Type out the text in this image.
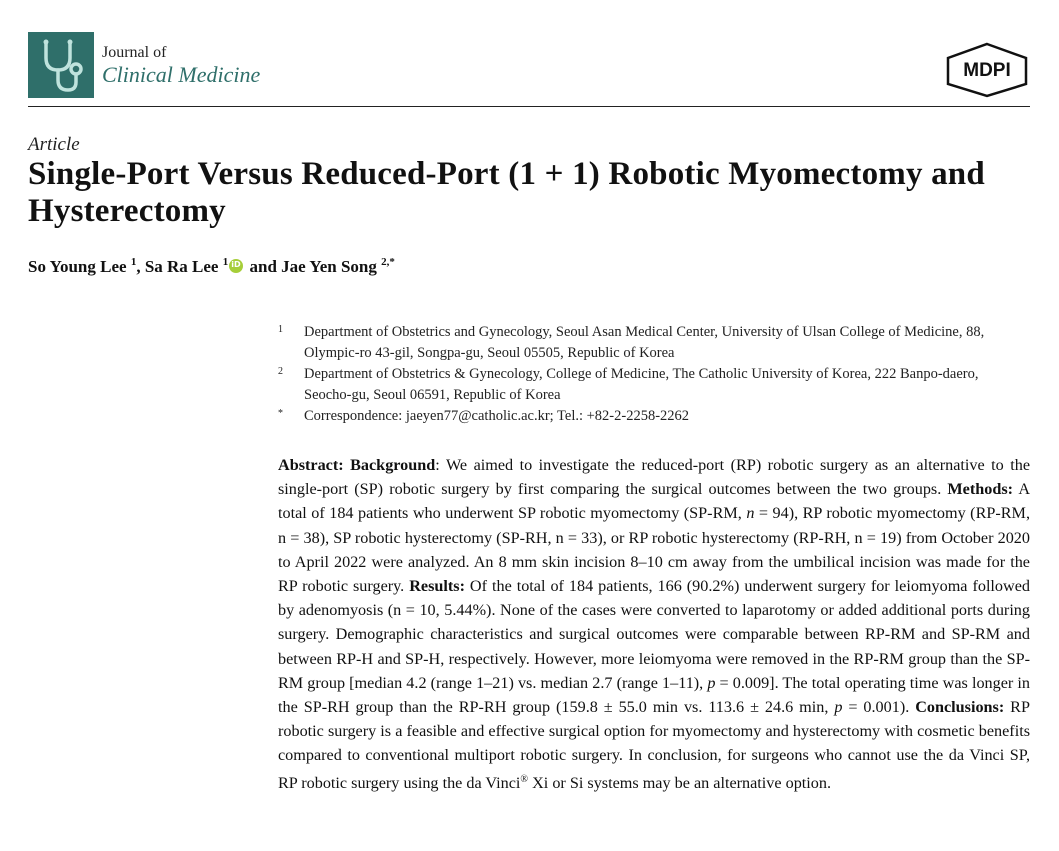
Journal of
Clinical Medicine	MDPI
Article
Single-Port Versus Reduced-Port (1 + 1) Robotic Myomectomy and Hysterectomy
So Young Lee $^1$, Sa Ra Lee $^1$iD and Jae Yen Song $^{2,*}$
1 Department of Obstetrics and Gynecology, Seoul Asan Medical Center, University of Ulsan College of Medicine, 88, Olympic-ro 43-gil, Songpa-gu, Seoul 05505, Republic of Korea
2 Department of Obstetrics & Gynecology, College of Medicine, The Catholic University of Korea, 222 Banpo-daero, Seocho-gu, Seoul 06591, Republic of Korea
* Correspondence: jaeyen77@catholic.ac.kr; Tel.: +82-2-2258-2262
Abstract: Background: We aimed to investigate the reduced-port (RP) robotic surgery as an alternative to the single-port (SP) robotic surgery by first comparing the surgical outcomes between the two groups. Methods: A total of 184 patients who underwent SP robotic myomectomy (SP-RM, n = 94), RP robotic myomectomy (RP-RM, n = 38), SP robotic hysterectomy (SP-RH, n = 33), or RP robotic hysterectomy (RP-RH, n = 19) from October 2020 to April 2022 were analyzed. An 8 mm skin incision 8–10 cm away from the umbilical incision was made for the RP robotic surgery. Results: Of the total of 184 patients, 166 (90.2%) underwent surgery for leiomyoma followed by adenomyosis (n = 10, 5.44%). None of the cases were converted to laparotomy or added additional ports during surgery. Demographic characteristics and surgical outcomes were comparable between RP-RM and SP-RM and between RP-H and SP-H, respectively. However, more leiomyoma were removed in the RP-RM group than the SP-RM group [median 4.2 (range 1–21) vs. median 2.7 (range 1–11), p = 0.009]. The total operating time was longer in the SP-RH group than the RP-RH group (159.8 ± 55.0 min vs. 113.6 ± 24.6 min, p = 0.001). Conclusions: RP robotic surgery is a feasible and effective surgical option for myomectomy and hysterectomy with cosmetic benefits compared to conventional multiport robotic surgery. In conclusion, for surgeons who cannot use the da Vinci SP, RP robotic surgery using the da Vinci® Xi or Si systems may be an alternative option.
